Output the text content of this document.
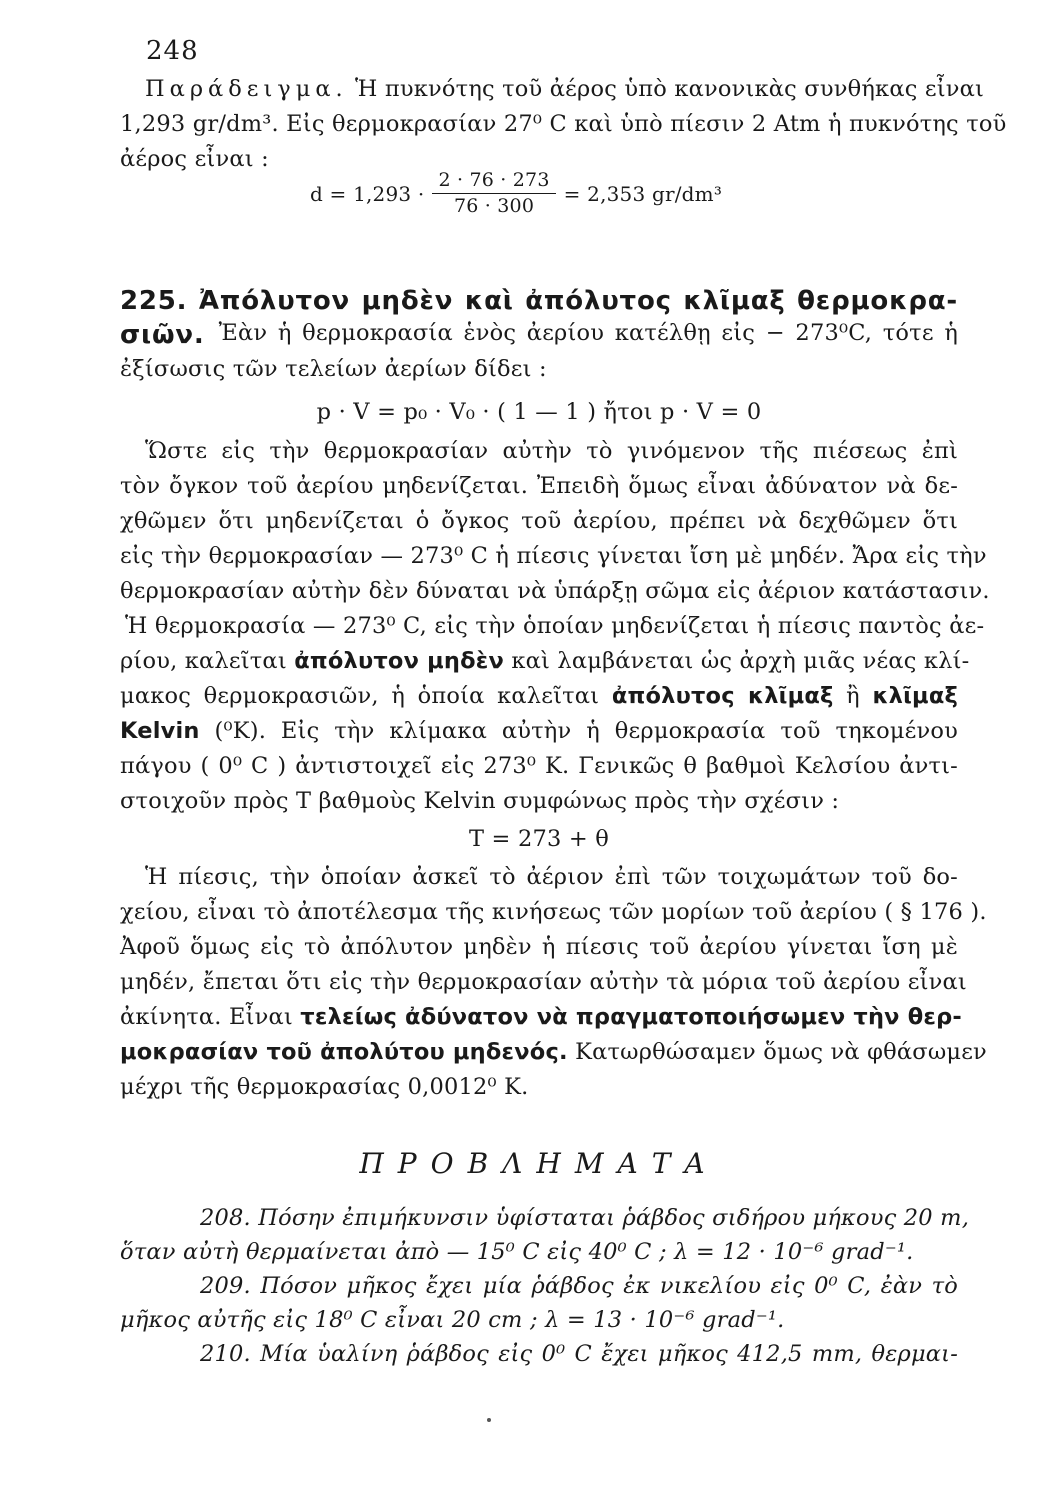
248
Παράδειγμα. Ἡ πυκνότης τοῦ ἀέρος ὑπὸ κανονικὰς συνθήκας εἶναι
1,293 gr/dm³. Εἰς θερμοκρασίαν 27⁰ C καὶ ὑπὸ πίεσιν 2 Atm ἡ πυκνότης τοῦ
ἀέρος εἶναι :
$d = 1,293 \cdot \frac{2 \cdot 76 \cdot 273}{76 \cdot 300} = 2,353$ gr/dm³
225. Ἀπόλυτον μηδὲν καὶ ἀπόλυτος κλῖμαξ θερμοκρα-
σιῶν. Ἐὰν ἡ θερμοκρασία ἑνὸς ἀερίου κατέλθῃ εἰς − 273⁰C, τότε ἡ
ἐξίσωσις τῶν τελείων ἀερίων δίδει :
p · V = p₀ · V₀ · ( 1 — 1 ) ἤτοι p · V = 0
Ὥστε εἰς τὴν θερμοκρασίαν αὐτὴν τὸ γινόμενον τῆς πιέσεως ἐπὶ
τὸν ὄγκον τοῦ ἀερίου μηδενίζεται. Ἐπειδὴ ὅμως εἶναι ἀδύνατον νὰ δε-
χθῶμεν ὅτι μηδενίζεται ὁ ὄγκος τοῦ ἀερίου, πρέπει νὰ δεχθῶμεν ὅτι
εἰς τὴν θερμοκρασίαν — 273⁰ C ἡ πίεσις γίνεται ἴση μὲ μηδέν. Ἄρα εἰς τὴν
θερμοκρασίαν αὐτὴν δὲν δύναται νὰ ὑπάρξῃ σῶμα εἰς ἀέριον κατάστασιν.
Ἡ θερμοκρασία — 273⁰ C, εἰς τὴν ὁποίαν μηδενίζεται ἡ πίεσις παντὸς ἀε-
ρίου, καλεῖται ἀπόλυτον μηδὲν καὶ λαμβάνεται ὡς ἀρχὴ μιᾶς νέας κλί-
μακος θερμοκρασιῶν, ἡ ὁποία καλεῖται ἀπόλυτος κλῖμαξ ἢ κλῖμαξ
Kelvin (⁰K). Εἰς τὴν κλίμακα αὐτὴν ἡ θερμοκρασία τοῦ τηκομένου
πάγου ( 0⁰ C ) ἀντιστοιχεῖ εἰς 273⁰ K. Γενικῶς θ βαθμοὶ Κελσίου ἀντι-
στοιχοῦν πρὸς T βαθμοὺς Kelvin συμφώνως πρὸς τὴν σχέσιν :
T = 273 + θ
Ἡ πίεσις, τὴν ὁποίαν ἀσκεῖ τὸ ἀέριον ἐπὶ τῶν τοιχωμάτων τοῦ δο-
χείου, εἶναι τὸ ἀποτέλεσμα τῆς κινήσεως τῶν μορίων τοῦ ἀερίου ( § 176 ).
Ἀφοῦ ὅμως εἰς τὸ ἀπόλυτον μηδὲν ἡ πίεσις τοῦ ἀερίου γίνεται ἴση μὲ
μηδέν, ἔπεται ὅτι εἰς τὴν θερμοκρασίαν αὐτὴν τὰ μόρια τοῦ ἀερίου εἶναι
ἀκίνητα. Εἶναι τελείως ἀδύνατον νὰ πραγματοποιήσωμεν τὴν θερ-
μοκρασίαν τοῦ ἀπολύτου μηδενός. Κατωρθώσαμεν ὅμως νὰ φθάσωμεν
μέχρι τῆς θερμοκρασίας 0,0012⁰ K.
ΠΡΟΒΛΗΜΑΤΑ
208. Πόσην ἐπιμήκυνσιν ὑφίσταται ῥάβδος σιδήρου μήκους 20 m,
ὅταν αὐτὴ θερμαίνεται ἀπὸ — 15⁰ C εἰς 40⁰ C ; λ = 12 · 10⁻⁶ grad⁻¹.
209. Πόσον μῆκος ἔχει μία ῥάβδος ἐκ νικελίου εἰς 0⁰ C, ἐὰν τὸ
μῆκος αὐτῆς εἰς 18⁰ C εἶναι 20 cm ; λ = 13 · 10⁻⁶ grad⁻¹.
210. Μία ὑαλίνη ῥάβδος εἰς 0⁰ C ἔχει μῆκος 412,5 mm, θερμαι-
